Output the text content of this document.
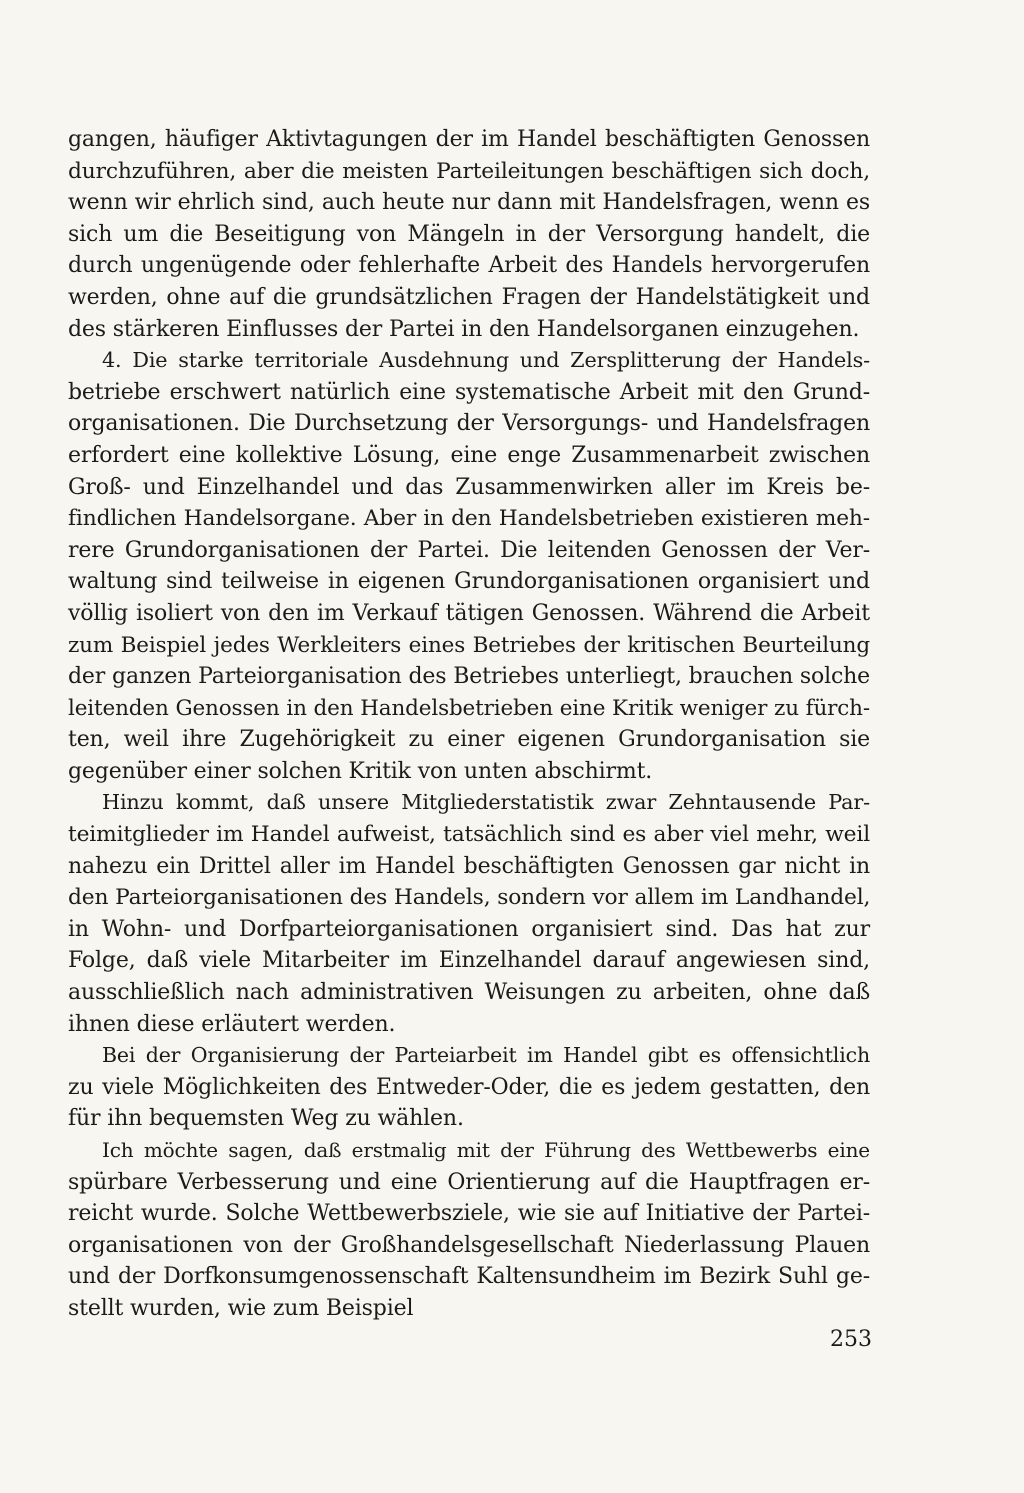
gangen, häufiger Aktivtagungen der im Handel beschäftigten Genossen
durchzuführen, aber die meisten Parteileitungen beschäftigen sich doch,
wenn wir ehrlich sind, auch heute nur dann mit Handelsfragen, wenn es
sich um die Beseitigung von Mängeln in der Versorgung handelt, die
durch ungenügende oder fehlerhafte Arbeit des Handels hervorgerufen
werden, ohne auf die grundsätzlichen Fragen der Handelstätigkeit und
des stärkeren Einflusses der Partei in den Handelsorganen einzugehen.
4. Die starke territoriale Ausdehnung und Zersplitterung der Handels-
betriebe erschwert natürlich eine systematische Arbeit mit den Grund-
organisationen. Die Durchsetzung der Versorgungs- und Handelsfragen
erfordert eine kollektive Lösung, eine enge Zusammenarbeit zwischen
Groß- und Einzelhandel und das Zusammenwirken aller im Kreis be-
findlichen Handelsorgane. Aber in den Handelsbetrieben existieren meh-
rere Grundorganisationen der Partei. Die leitenden Genossen der Ver-
waltung sind teilweise in eigenen Grundorganisationen organisiert und
völlig isoliert von den im Verkauf tätigen Genossen. Während die Arbeit
zum Beispiel jedes Werkleiters eines Betriebes der kritischen Beurteilung
der ganzen Parteiorganisation des Betriebes unterliegt, brauchen solche
leitenden Genossen in den Handelsbetrieben eine Kritik weniger zu fürch-
ten, weil ihre Zugehörigkeit zu einer eigenen Grundorganisation sie
gegenüber einer solchen Kritik von unten abschirmt.
Hinzu kommt, daß unsere Mitgliederstatistik zwar Zehntausende Par-
teimitglieder im Handel aufweist, tatsächlich sind es aber viel mehr, weil
nahezu ein Drittel aller im Handel beschäftigten Genossen gar nicht in
den Parteiorganisationen des Handels, sondern vor allem im Landhandel,
in Wohn- und Dorfparteiorganisationen organisiert sind. Das hat zur
Folge, daß viele Mitarbeiter im Einzelhandel darauf angewiesen sind,
ausschließlich nach administrativen Weisungen zu arbeiten, ohne daß
ihnen diese erläutert werden.
Bei der Organisierung der Parteiarbeit im Handel gibt es offensichtlich
zu viele Möglichkeiten des Entweder-Oder, die es jedem gestatten, den
für ihn bequemsten Weg zu wählen.
Ich möchte sagen, daß erstmalig mit der Führung des Wettbewerbs eine
spürbare Verbesserung und eine Orientierung auf die Hauptfragen er-
reicht wurde. Solche Wettbewerbsziele, wie sie auf Initiative der Partei-
organisationen von der Großhandelsgesellschaft Niederlassung Plauen
und der Dorfkonsumgenossenschaft Kaltensundheim im Bezirk Suhl ge-
stellt wurden, wie zum Beispiel
253
